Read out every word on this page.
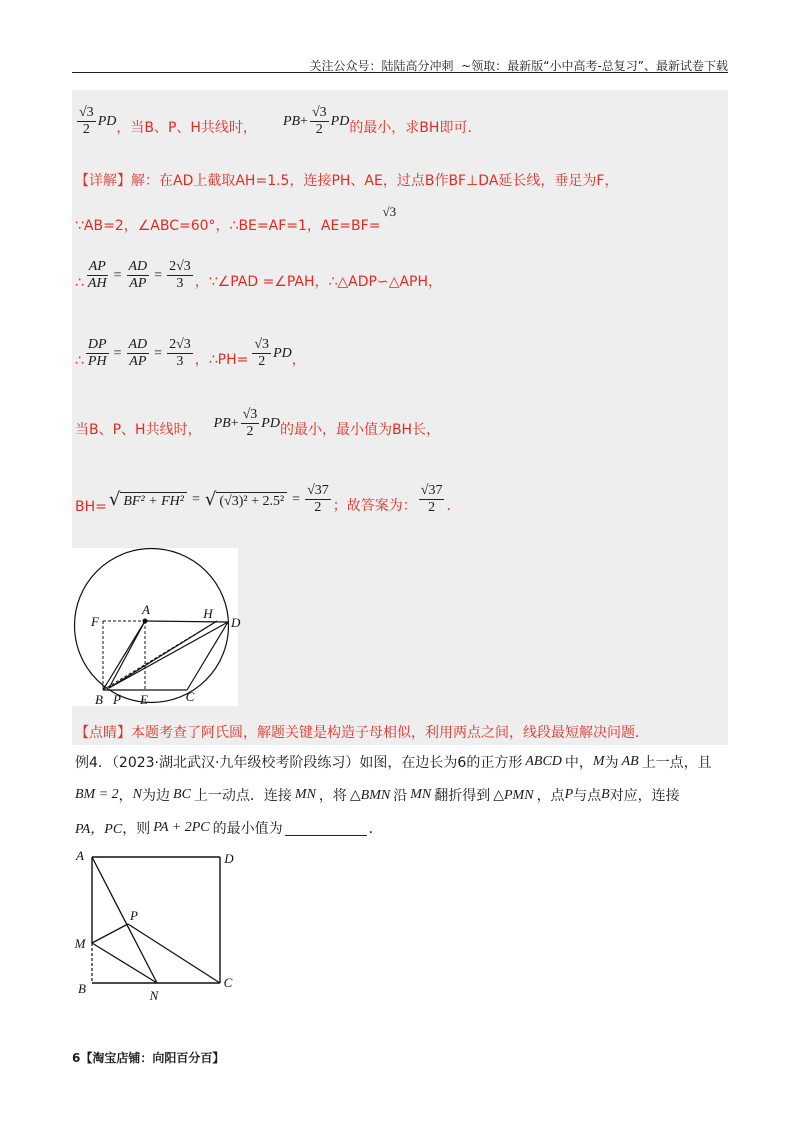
关注公众号：陆陆高分冲刺  ~领取：最新版“小中高考-总复习”、最新试卷下载
$\frac{√3}{2}$ PD ，当B、P、H共线时， PB + $\frac{√3}{2}$ PD 的最小，求BH即可．
【详解】解：在AD上截取AH=1.5，连接PH、AE，过点B作BF⊥DA延长线，垂足为F，
∵AB=2，∠ABC=60°，∴BE=AF=1，AE=BF=
√3
∴ $\frac{AP}{AH} = \frac{AD}{AP} = \frac{2√3}{3}$ ，∵∠PAD =∠PAH，∴△ADP∽△APH，
∴ $\frac{DP}{PH} = \frac{AD}{AP} = \frac{2√3}{3}$ ，∴PH= $\frac{√3}{2}$ PD ，
当B、P、H共线时， PB + $\frac{√3}{2}$ PD 的最小，最小值为BH长，
BH= √ BF² + FH² = √ $(√3)^2 + 2.5^2 = \frac{√37}{2}$ ；故答案为： $\frac{√37}{2}$ ．
F
A	H
D
B P E	C
【点睛】本题考查了阿氏圆，解题关键是构造子母相似，利用两点之间，线段最短解决问题．
例4．（2023·湖北武汉·九年级校考阶段练习）如图，在边长为6的正方形 ABCD 中， M 为 AB 上一点，且
BM = 2 ， N 为边 BC 上一动点．连接 MN ，将 △BMN 沿 MN 翻折得到 △PMN ，点 P 与点 B 对应，连接
PA，PC ，则 PA + 2PC 的最小值为	．
A	D
P
M
C
B	N
6【淘宝店铺：向阳百分百】
